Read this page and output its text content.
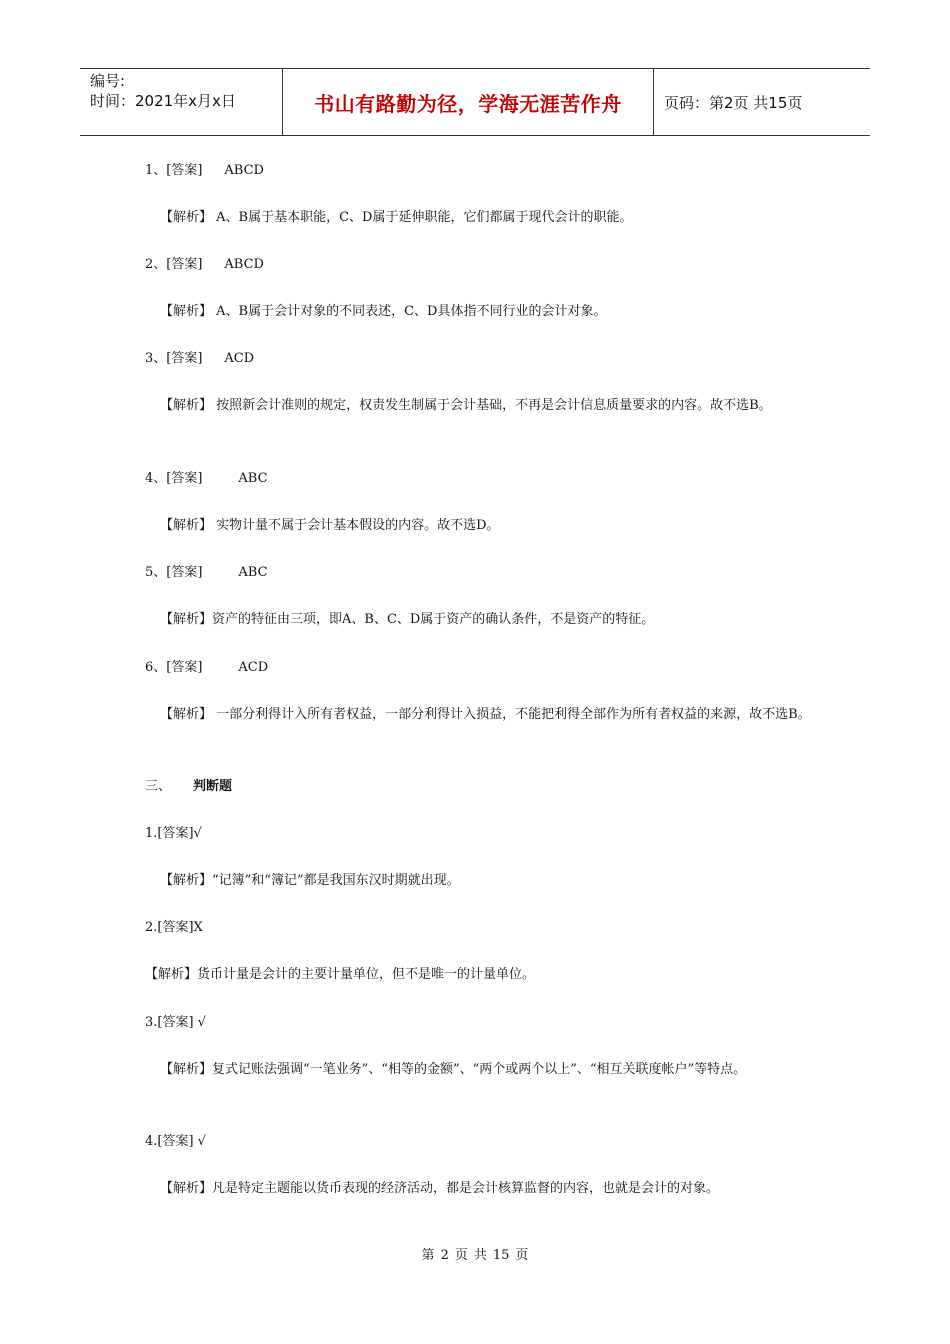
编号:
时间：2021年x月x日	书山有路勤为径，学海无涯苦作舟	页码：第2页 共15页
1、[答案] ABCD
【解析】 A、B属于基本职能，C、D属于延伸职能，它们都属于现代会计的职能。
2、[答案] ABCD
【解析】 A、B属于会计对象的不同表述，C、D具体指不同行业的会计对象。
3、[答案] ACD
【解析】 按照新会计准则的规定，权责发生制属于会计基础，不再是会计信息质量要求的内容。故不选B。
4、[答案]	ABC
【解析】 实物计量不属于会计基本假设的内容。故不选D。
5、[答案]	ABC
【解析】资产的特征由三项，即A、B、C、D属于资产的确认条件，不是资产的特征。
6、[答案]	ACD
【解析】 一部分利得计入所有者权益，一部分利得计入损益，不能把利得全部作为所有者权益的来源，故不选B。
三、 判断题
1.[答案]√
【解析】“记簿”和“簿记”都是我国东汉时期就出现。
2.[答案]X
【解析】货币计量是会计的主要计量单位，但不是唯一的计量单位。
3.[答案] √
【解析】复式记账法强调“一笔业务”、“相等的金额”、“两个或两个以上”、“相互关联度帐户”等特点。
4.[答案] √
【解析】凡是特定主题能以货币表现的经济活动，都是会计核算监督的内容，也就是会计的对象。
第 2 页 共 15 页
